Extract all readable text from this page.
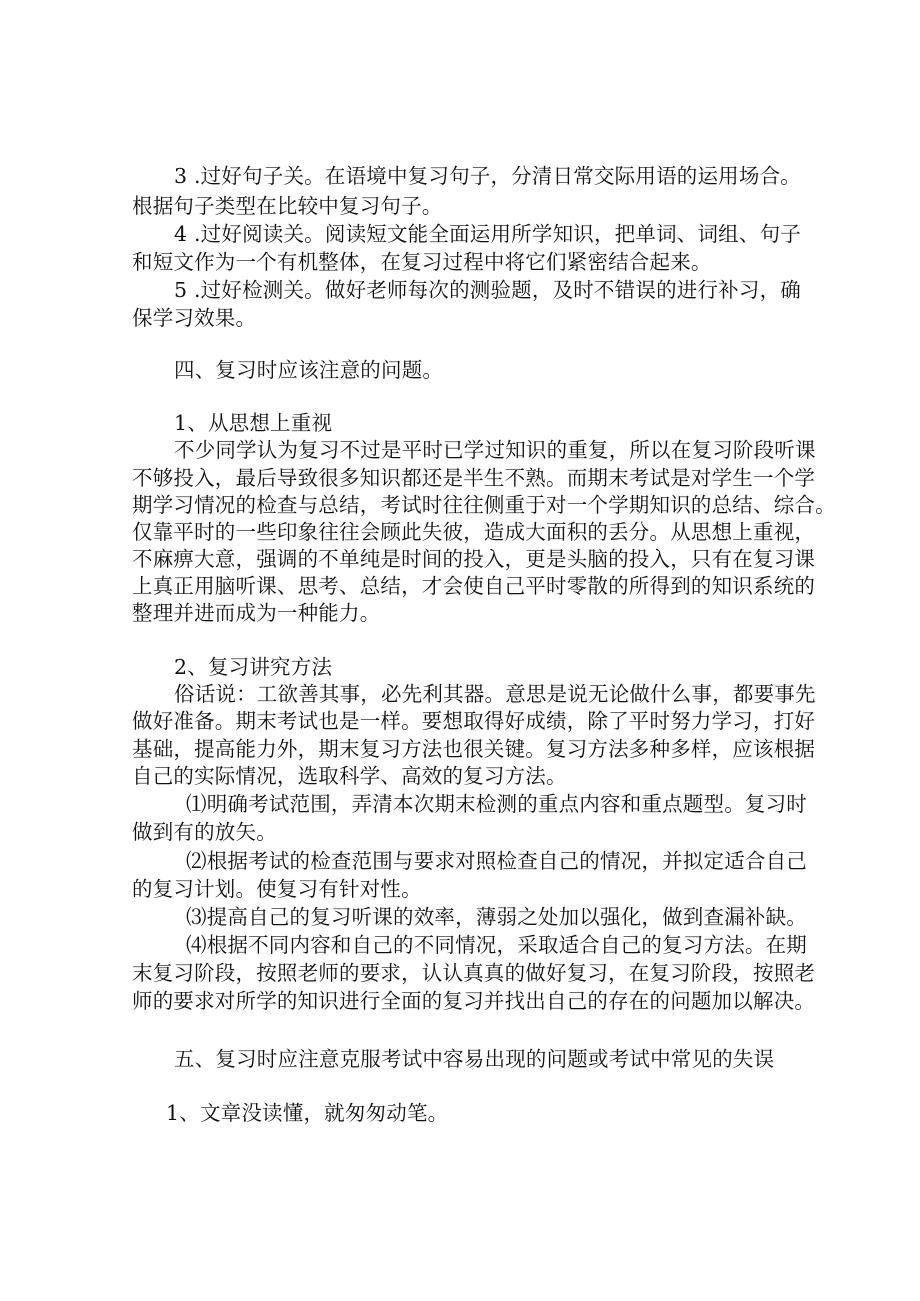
3 .过好句子关。在语境中复习句子，分清日常交际用语的运用场合。
根据句子类型在比较中复习句子。
4 .过好阅读关。阅读短文能全面运用所学知识，把单词、词组、句子
和短文作为一个有机整体，在复习过程中将它们紧密结合起来。
5 .过好检测关。做好老师每次的测验题，及时不错误的进行补习，确
保学习效果。
四、复习时应该注意的问题。
1、从思想上重视
不少同学认为复习不过是平时已学过知识的重复，所以在复习阶段听课
不够投入，最后导致很多知识都还是半生不熟。而期末考试是对学生一个学
期学习情况的检查与总结，考试时往往侧重于对一个学期知识的总结、综合。
仅靠平时的一些印象往往会顾此失彼，造成大面积的丢分。从思想上重视，
不麻痹大意，强调的不单纯是时间的投入，更是头脑的投入，只有在复习课
上真正用脑听课、思考、总结，才会使自己平时零散的所得到的知识系统的
整理并进而成为一种能力。
2、复习讲究方法
俗话说：工欲善其事，必先利其器。意思是说无论做什么事，都要事先
做好准备。期末考试也是一样。要想取得好成绩，除了平时努力学习，打好
基础，提高能力外，期末复习方法也很关键。复习方法多种多样，应该根据
自己的实际情况，选取科学、高效的复习方法。
⑴明确考试范围，弄清本次期末检测的重点内容和重点题型。复习时
做到有的放矢。
⑵根据考试的检查范围与要求对照检查自己的情况，并拟定适合自己
的复习计划。使复习有针对性。
⑶提高自己的复习听课的效率，薄弱之处加以强化，做到查漏补缺。
⑷根据不同内容和自己的不同情况，采取适合自己的复习方法。在期
末复习阶段，按照老师的要求，认认真真的做好复习，在复习阶段，按照老
师的要求对所学的知识进行全面的复习并找出自己的存在的问题加以解决。
五、复习时应注意克服考试中容易出现的问题或考试中常见的失误
1、文章没读懂，就匆匆动笔。
